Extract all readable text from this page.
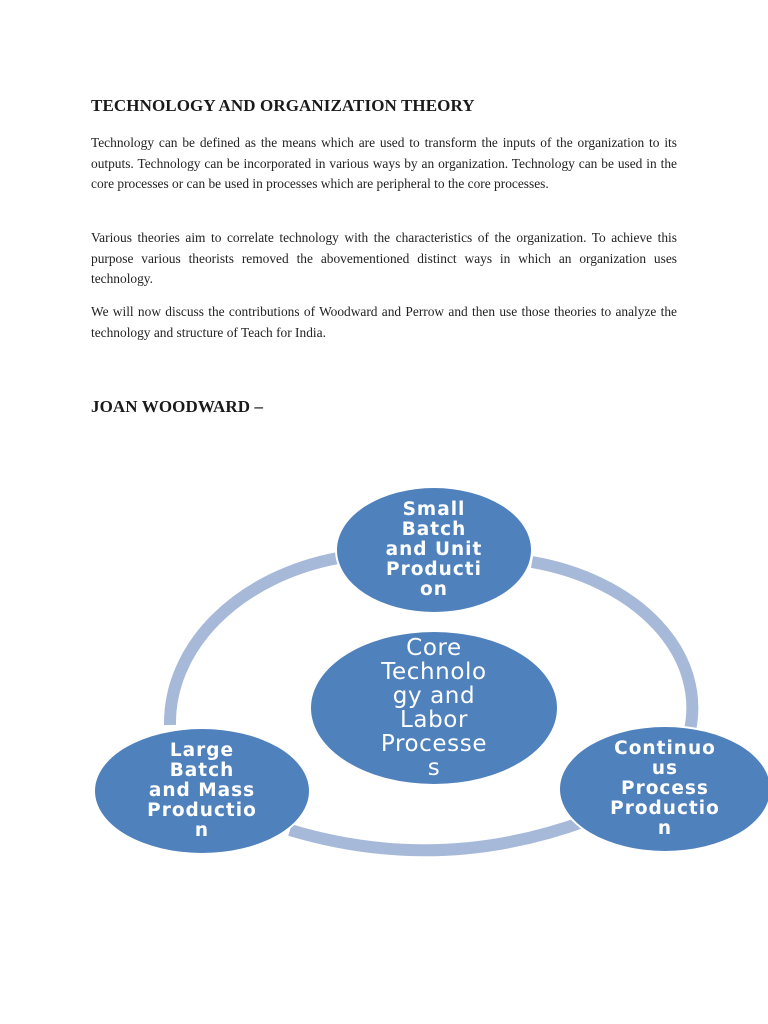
TECHNOLOGY AND ORGANIZATION THEORY

Technology can be defined as the means which are used to transform the inputs of the organization to its outputs. Technology can be incorporated in various ways by an organization. Technology can be used in the core processes or can be used in processes which are peripheral to the core processes.

Various theories aim to correlate technology with the characteristics of the organization. To achieve this purpose various theorists removed the abovementioned distinct ways in which an organization uses technology.

We will now discuss the contributions of Woodward and Perrow and then use those theories to analyze the technology and structure of Teach for India.

JOAN WOODWARD –
Small
Batch
and Unit
Producti
on
Core
Technolo
gy and
Labor
Processe
s
Large
Batch
and Mass
Productio
n
Continuo
us
Process
Productio
n
